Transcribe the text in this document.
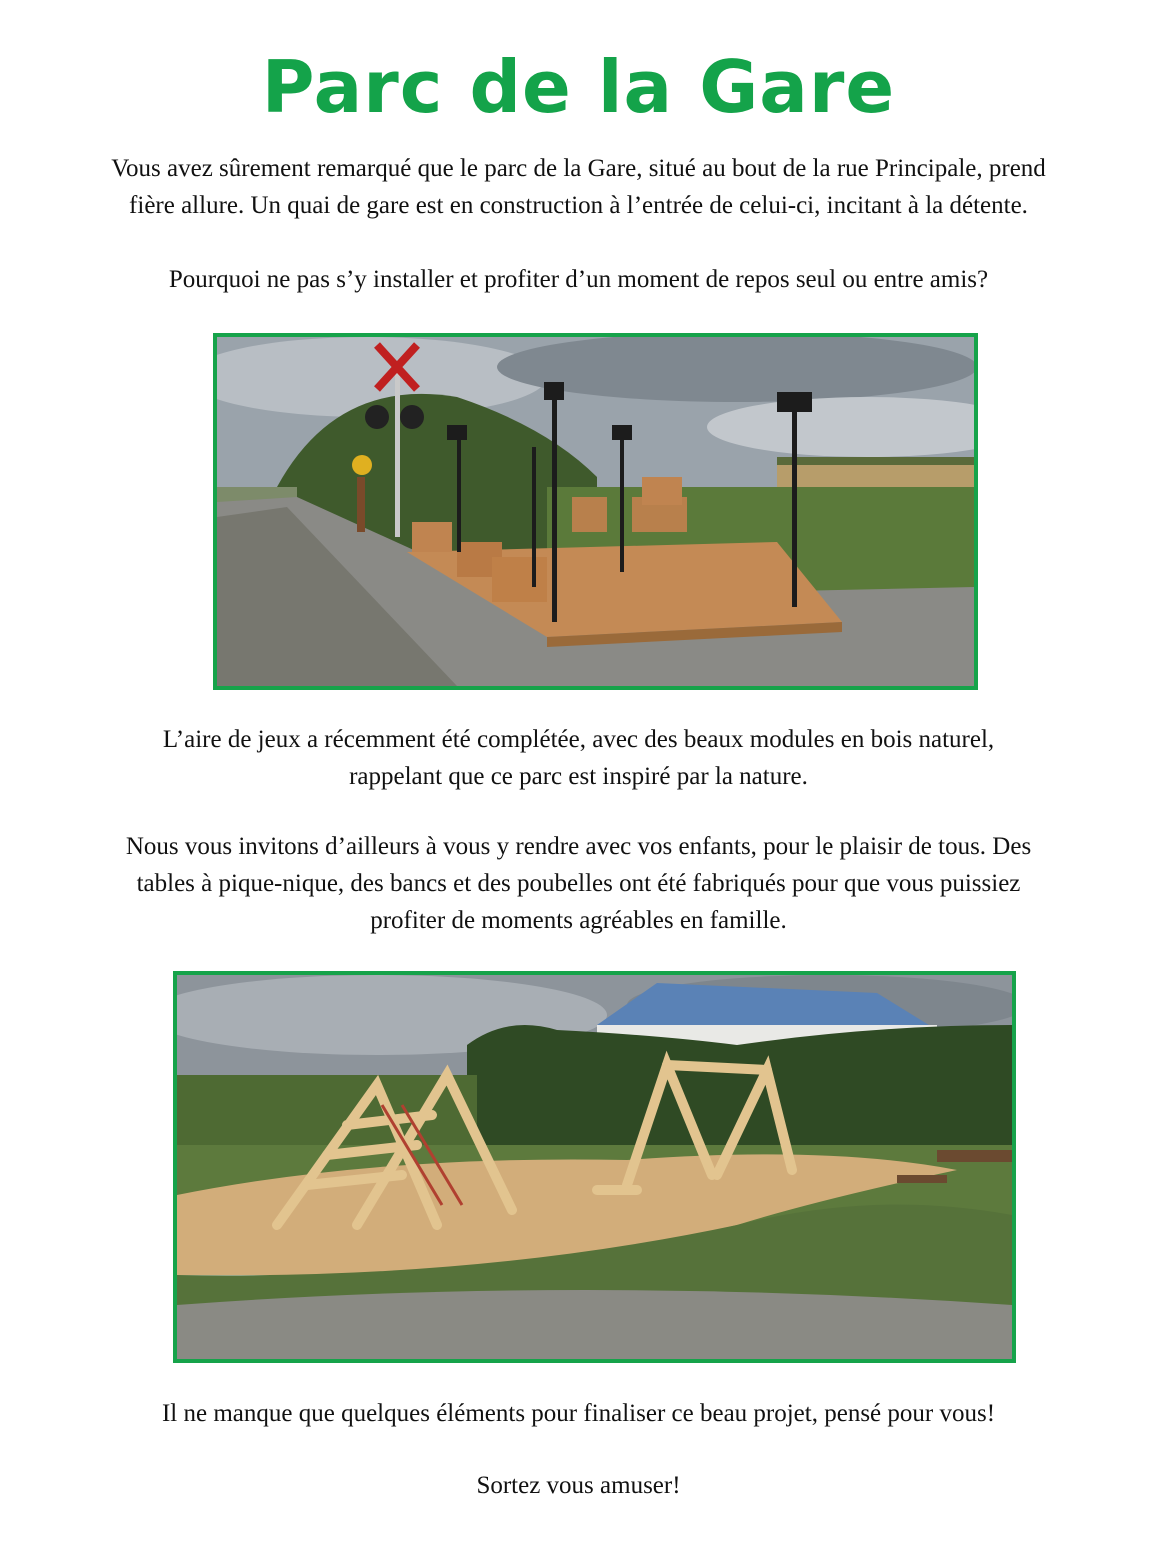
Parc de la Gare

Vous avez sûrement remarqué que le parc de la Gare, situé au bout de la rue Principale, prend
fière allure. Un quai de gare est en construction à l’entrée de celui-ci, incitant à la détente.

Pourquoi ne pas s’y installer et profiter d’un moment de repos seul ou entre amis?

L’aire de jeux a récemment été complétée, avec des beaux modules en bois naturel,
rappelant que ce parc est inspiré par la nature.

Nous vous invitons d’ailleurs à vous y rendre avec vos enfants, pour le plaisir de tous. Des
tables à pique-nique, des bancs et des poubelles ont été fabriqués pour que vous puissiez
profiter de moments agréables en famille.

Il ne manque que quelques éléments pour finaliser ce beau projet, pensé pour vous!

Sortez vous amuser!
